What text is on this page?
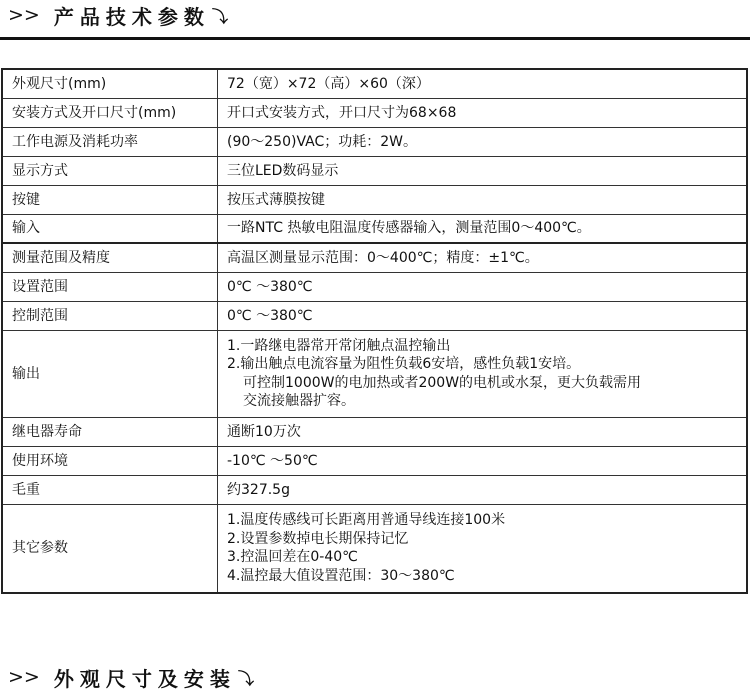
>> 产品技术参数 ⤵
外观尺寸(mm)	72（宽）×72（高）×60（深）
安装方式及开口尺寸(mm)	开口式安装方式，开口尺寸为68×68
工作电源及消耗功率	(90～250)VAC；功耗：2W。
显示方式	三位LED数码显示
按键	按压式薄膜按键
输入	一路NTC 热敏电阻温度传感器输入，测量范围0～400℃。
测量范围及精度	高温区测量显示范围：0～400℃；精度：±1℃。
设置范围	0℃ ～380℃
控制范围	0℃ ～380℃
输出	1.一路继电器常开常闭触点温控输出
2.输出触点电流容量为阻性负载6安培，感性负载1安培。
可控制1000W的电加热或者200W的电机或水泵，更大负载需用
交流接触器扩容。

继电器寿命	通断10万次
使用环境	-10℃ ～50℃
毛重	约327.5g
其它参数	1.温度传感线可长距离用普通导线连接100米
2.设置参数掉电长期保持记忆
3.控温回差在0-40℃
4.温控最大值设置范围：30～380℃
>> 外观尺寸及安装 ⤵
